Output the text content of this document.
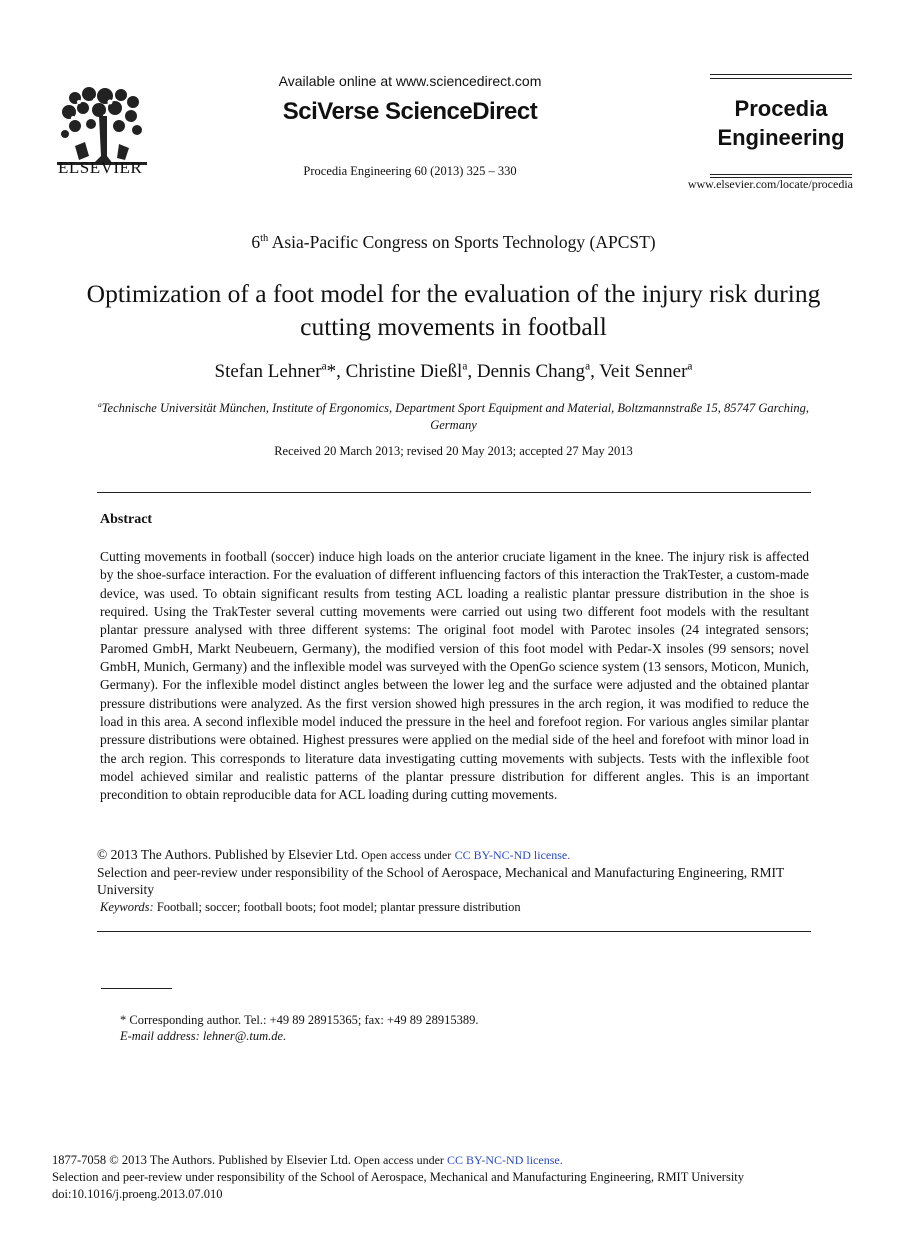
ELSEVIER
Available online at www.sciencedirect.com
SciVerse ScienceDirect
Procedia Engineering 60 (2013) 325 – 330
Procedia
Engineering
www.elsevier.com/locate/procedia
6th Asia-Pacific Congress on Sports Technology (APCST)
Optimization of a foot model for the evaluation of the injury risk during cutting movements in football
Stefan Lehner$^a$*, Christine Dießl$^a$, Dennis Chang$^a$, Veit Senner$^a$
$^a$Technische Universität München, Institute of Ergonomics, Department Sport Equipment and Material, Boltzmannstraße 15, 85747 Garching, Germany
Received 20 March 2013; revised 20 May 2013; accepted 27 May 2013
Abstract
Cutting movements in football (soccer) induce high loads on the anterior cruciate ligament in the knee. The injury risk is affected by the shoe-surface interaction. For the evaluation of different influencing factors of this interaction the TrakTester, a custom-made device, was used. To obtain significant results from testing ACL loading a realistic plantar pressure distribution in the shoe is required. Using the TrakTester several cutting movements were carried out using two different foot models with the resultant plantar pressure analysed with three different systems: The original foot model with Parotec insoles (24 integrated sensors; Paromed GmbH, Markt Neubeuern, Germany), the modified version of this foot model with Pedar-X insoles (99 sensors; novel GmbH, Munich, Germany) and the inflexible model was surveyed with the OpenGo science system (13 sensors, Moticon, Munich, Germany). For the inflexible model distinct angles between the lower leg and the surface were adjusted and the obtained plantar pressure distributions were analyzed. As the first version showed high pressures in the arch region, it was modified to reduce the load in this area. A second inflexible model induced the pressure in the heel and forefoot region. For various angles similar plantar pressure distributions were obtained. Highest pressures were applied on the medial side of the heel and forefoot with minor load in the arch region. This corresponds to literature data investigating cutting movements with subjects. Tests with the inflexible foot model achieved similar and realistic patterns of the plantar pressure distribution for different angles. This is an important precondition to obtain reproducible data for ACL loading during cutting movements.
© 2013 The Authors. Published by Elsevier Ltd. Open access under CC BY-NC-ND license.
Selection and peer-review under responsibility of the School of Aerospace, Mechanical and Manufacturing Engineering, RMIT University
Keywords: Football; soccer; football boots; foot model; plantar pressure distribution
* Corresponding author. Tel.: +49 89 28915365; fax: +49 89 28915389.
E-mail address: lehner@.tum.de.
1877-7058 © 2013 The Authors. Published by Elsevier Ltd. Open access under CC BY-NC-ND license.
Selection and peer-review under responsibility of the School of Aerospace, Mechanical and Manufacturing Engineering, RMIT University
doi:10.1016/j.proeng.2013.07.010
